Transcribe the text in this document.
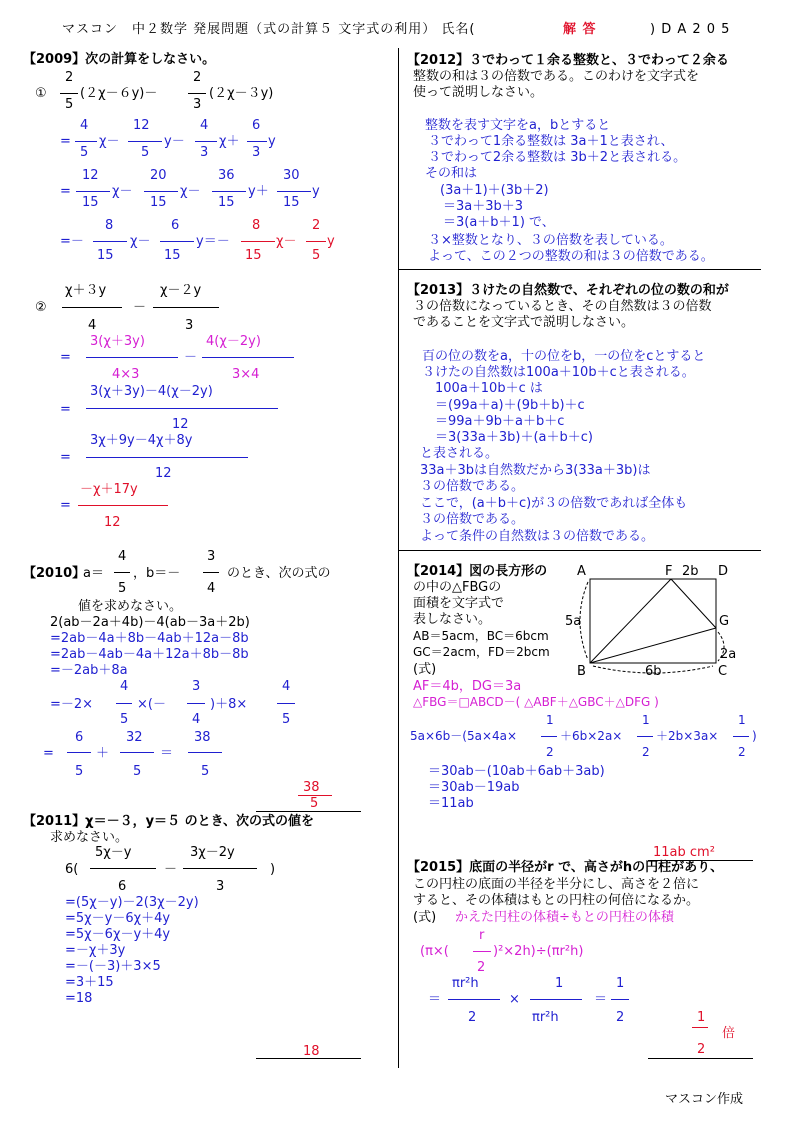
マスコン　中２数学 発展問題（式の計算５ 文字式の利用） 氏名(	解 答	) D A 2 0 5
【2009】次の計算をしなさい。
①
2
5
(２χ－６y)－
2
3
(２χ－３y)
=
4
5
χ－
12
5
y－
4
3
χ＋
6
3
y
=
12
15
χ－
20
15
χ－
36
15
y＋
30
15
y
=－
8
15
χ－
6
15
y＝－
8
15
χ－
2
5
y
②
χ＋３y
4
－
χ－２y
3
=
3(χ＋3y)
4×3
－
4(χ－2y)
3×4
=
3(χ＋3y)－4(χ－2y)
12
=
3χ＋9y－4χ＋8y
12
=
－χ＋17y
12
【2010】
a＝
4
5
，b＝－
3
4
のとき、次の式の
値を求めなさい。
2(ab－2a＋4b)－4(ab－3a＋2b)
=2ab－4a＋8b－4ab＋12a－8b
=2ab－4ab－4a＋12a＋8b－8b
=－2ab＋8a
=－2×
4
5
×(－
3
4
)＋8×
4
5
=
6
5
＋
32
5
＝
38
5
38
5
【2011】χ＝－３，y＝５ のとき、次の式の値を
求めなさい。
6(
5χ－y
6
－
3χ－2y
3
)
=(5χ－y)－2(3χ－2y)
=5χ－y－6χ＋4y
=5χ－6χ－y＋4y
=－χ＋3y
=－(－3)＋3×5
=3＋15
=18
18
【2012】３でわって１余る整数と、３でわって２余る
整数の和は３の倍数である。このわけを文字式を
使って説明しなさい。
整数を表す文字をa，bとすると
３でわって1余る整数は 3a＋1と表され、
３でわって2余る整数は 3b＋2と表される。
その和は
(3a＋1)＋(3b＋2)
＝3a＋3b＋3
＝3(a＋b＋1) で、
３×整数となり、３の倍数を表している。
よって、この２つの整数の和は３の倍数である。
【2013】３けたの自然数で、それぞれの位の数の和が
３の倍数になっているとき、その自然数は３の倍数
であることを文字式で説明しなさい。
百の位の数をa，十の位をb，一の位をcとすると
３けたの自然数は100a＋10b＋cと表される。
100a＋10b＋c は
＝(99a＋a)＋(9b＋b)＋c
＝99a＋9b＋a＋b＋c
＝3(33a＋3b)＋(a＋b＋c)
と表される。
33a＋3bは自然数だから3(33a＋3b)は
３の倍数である。
ここで，(a＋b＋c)が３の倍数であれば全体も
３の倍数である。
よって条件の自然数は３の倍数である。
【2014】図の長方形の
の中の△FBGの
面積を文字式で
表しなさい。
AB＝5acm，BC＝6bcm
GC＝2acm，FD＝2bcm
(式)
AF＝4b，DG＝3a
△FBG＝□ABCD－( △ABF＋△GBC＋△DFG )
A	F 2b D
G
5a
B	6b	C
2a
5a×6b－(5a×4a×
1
2
＋6b×2a×
1
2
＋2b×3a×
1
2
)
＝30ab－(10ab＋6ab＋3ab)
＝30ab－19ab
＝11ab
11ab cm²
【2015】底面の半径がr で、高さがhの円柱があり、
この円柱の底面の半径を半分にし、高さを２倍に
すると、その体積はもとの円柱の何倍になるか。
(式) かえた円柱の体積÷もとの円柱の体積
(π×(
r
2
)²×2h)÷(πr²h)
＝
πr²h
2
×
1
πr²h
＝
1
2	1
2
倍
マスコン作成
